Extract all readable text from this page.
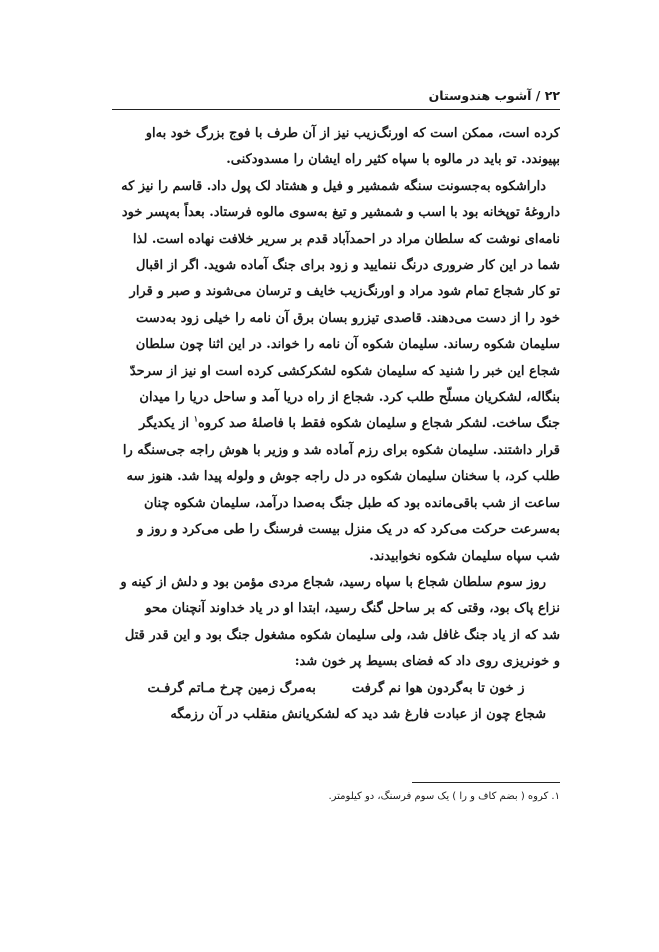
۲۲ / آشوب هندوستان
کرده است، ممکن است که اورنگ‌زیب نیز از آن طرف با فوج بزرگ خود به‌او
بپیوندد. تو باید در مالوه با سپاه کثیر راه ایشان را مسدود‌کنی.
داراشکوه به‌جسونت سنگه شمشیر و فیل و هشتاد لک پول داد. قاسم را نیز که
داروغهٔ توپخانه بود با اسب و شمشیر و تیغ به‌سوی مالوه فرستاد. بعداً به‌پسر خود
نامه‌ای نوشت که سلطان مراد در احمدآباد قدم بر سریر خلافت نهاده است. لذا
شما در این کار ضروری درنگ ننمایید و زود برای جنگ آماده شوید. اگر از اقبال
تو کار شجاع تمام شود مراد و اورنگ‌زیب خایف و ترسان می‌شوند و صبر و قرار
خود را از دست می‌دهند. قاصدی تیزرو بسان برق آن نامه را خیلی زود به‌دست
سلیمان شکوه رساند. سلیمان شکوه آن نامه را خواند. در این اثنا چون سلطان
شجاع این خبر را شنید که سلیمان شکوه لشکرکشی کرده است او نیز از سرحدّ
بنگاله، لشکریان مسلّح طلب کرد. شجاع از راه دریا آمد و ساحل دریا را میدان
جنگ ساخت. لشکر شجاع و سلیمان شکوه فقط با فاصلهٔ صد کروه$^۱$ از یکدیگر
قرار داشتند. سلیمان شکوه برای رزم آماده شد و وزیر با هوش راجه جی‌سنگه را
طلب کرد، با سخنان سلیمان شکوه در دل راجه جوش و ولوله پیدا شد. هنوز سه
ساعت از شب باقی‌مانده بود که طبل جنگ به‌صدا درآمد، سلیمان شکوه چنان
به‌سرعت حرکت می‌کرد که در یک منزل بیست فرسنگ را طی می‌کرد و روز و
شب سپاه سلیمان شکوه نخوابیدند.
روز سوم سلطان شجاع با سپاه رسید، شجاع مردی مؤمن بود و دلش از کینه و
نزاع پاک بود، وقتی که بر ساحل گنگ رسید، ابتدا او در یاد خداوند آنچنان محو
شد که از یاد جنگ غافل شد، ولی سلیمان شکوه مشغول جنگ بود و این قدر قتل
و خونریزی روی داد که فضای بسیط پر خون شد:
ز خون تا به‌گردون هوا نم گرفت
به‌مرگ زمین چرخ مـاتم گرفـت
شجاع چون از عبادت فارغ شد دید که لشکریانش منقلب در آن رزمگه
۱. کروه ( بضم کاف و را ) یک سوم فرسنگ، دو کیلومتر.
